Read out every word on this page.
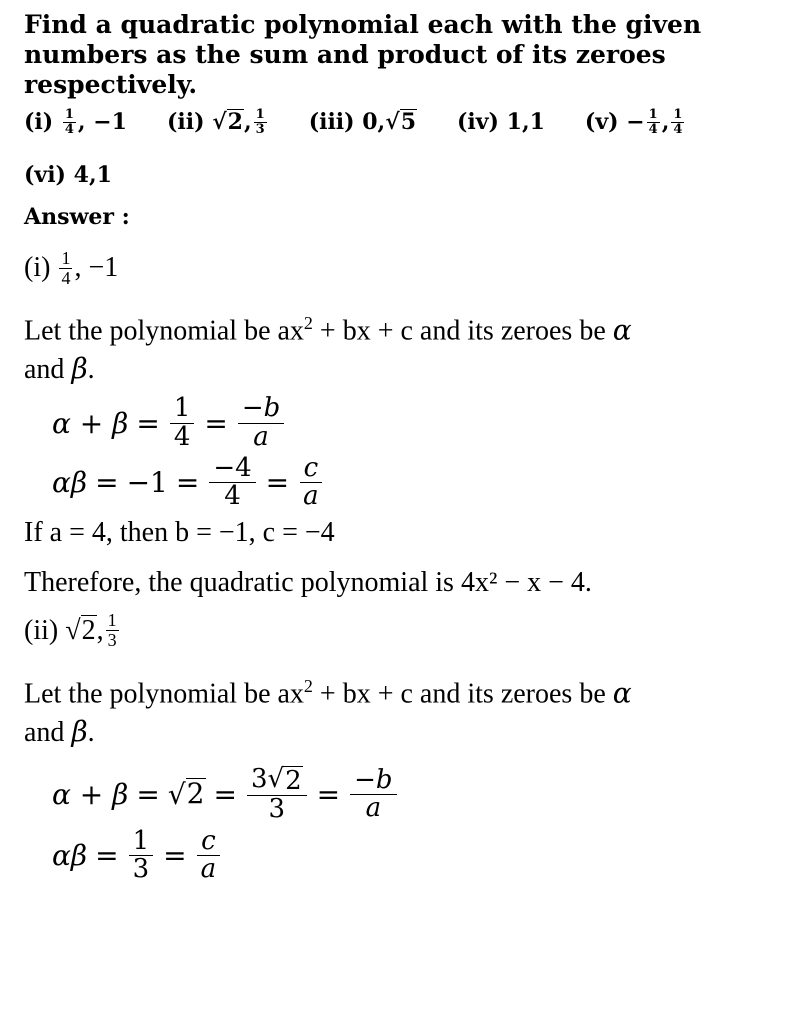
Find a quadratic polynomial each with the given numbers as the sum and product of its zeroes respectively.

(i)
$\frac{1}{4}$ , −1 (ii)
√ 2 , $\frac{1}{3} (iii)$
0, √ 5 (iv)
1,1 (v)
− $\frac{1}{4}$ , $\frac{1}{4}$
(vi) 4,1
Answer :
(i)
$\frac{1}{4}$ , −1
Let the polynomial be $ax^2$ + bx + c and its zeroes be α
and β.
$\alpha + \beta = \frac{1}{4} = \frac{-b}{a}$
$\alpha\beta = -1 = \frac{-4}{4} = \frac{c}{a}$
If a = 4, then b = −1, c = −4
Therefore, the quadratic polynomial is 4x² − x − 4.
(ii)
√ 2 , $\frac{1}{3}$
Let the polynomial be $ax^2$ + bx + c and its zeroes be α
and β.
α + β = √ $2 = \frac{3 √ 2}{3} = \frac{-b}{a}$
$\alpha\beta = \frac{1}{3} = \frac{c}{a}$
